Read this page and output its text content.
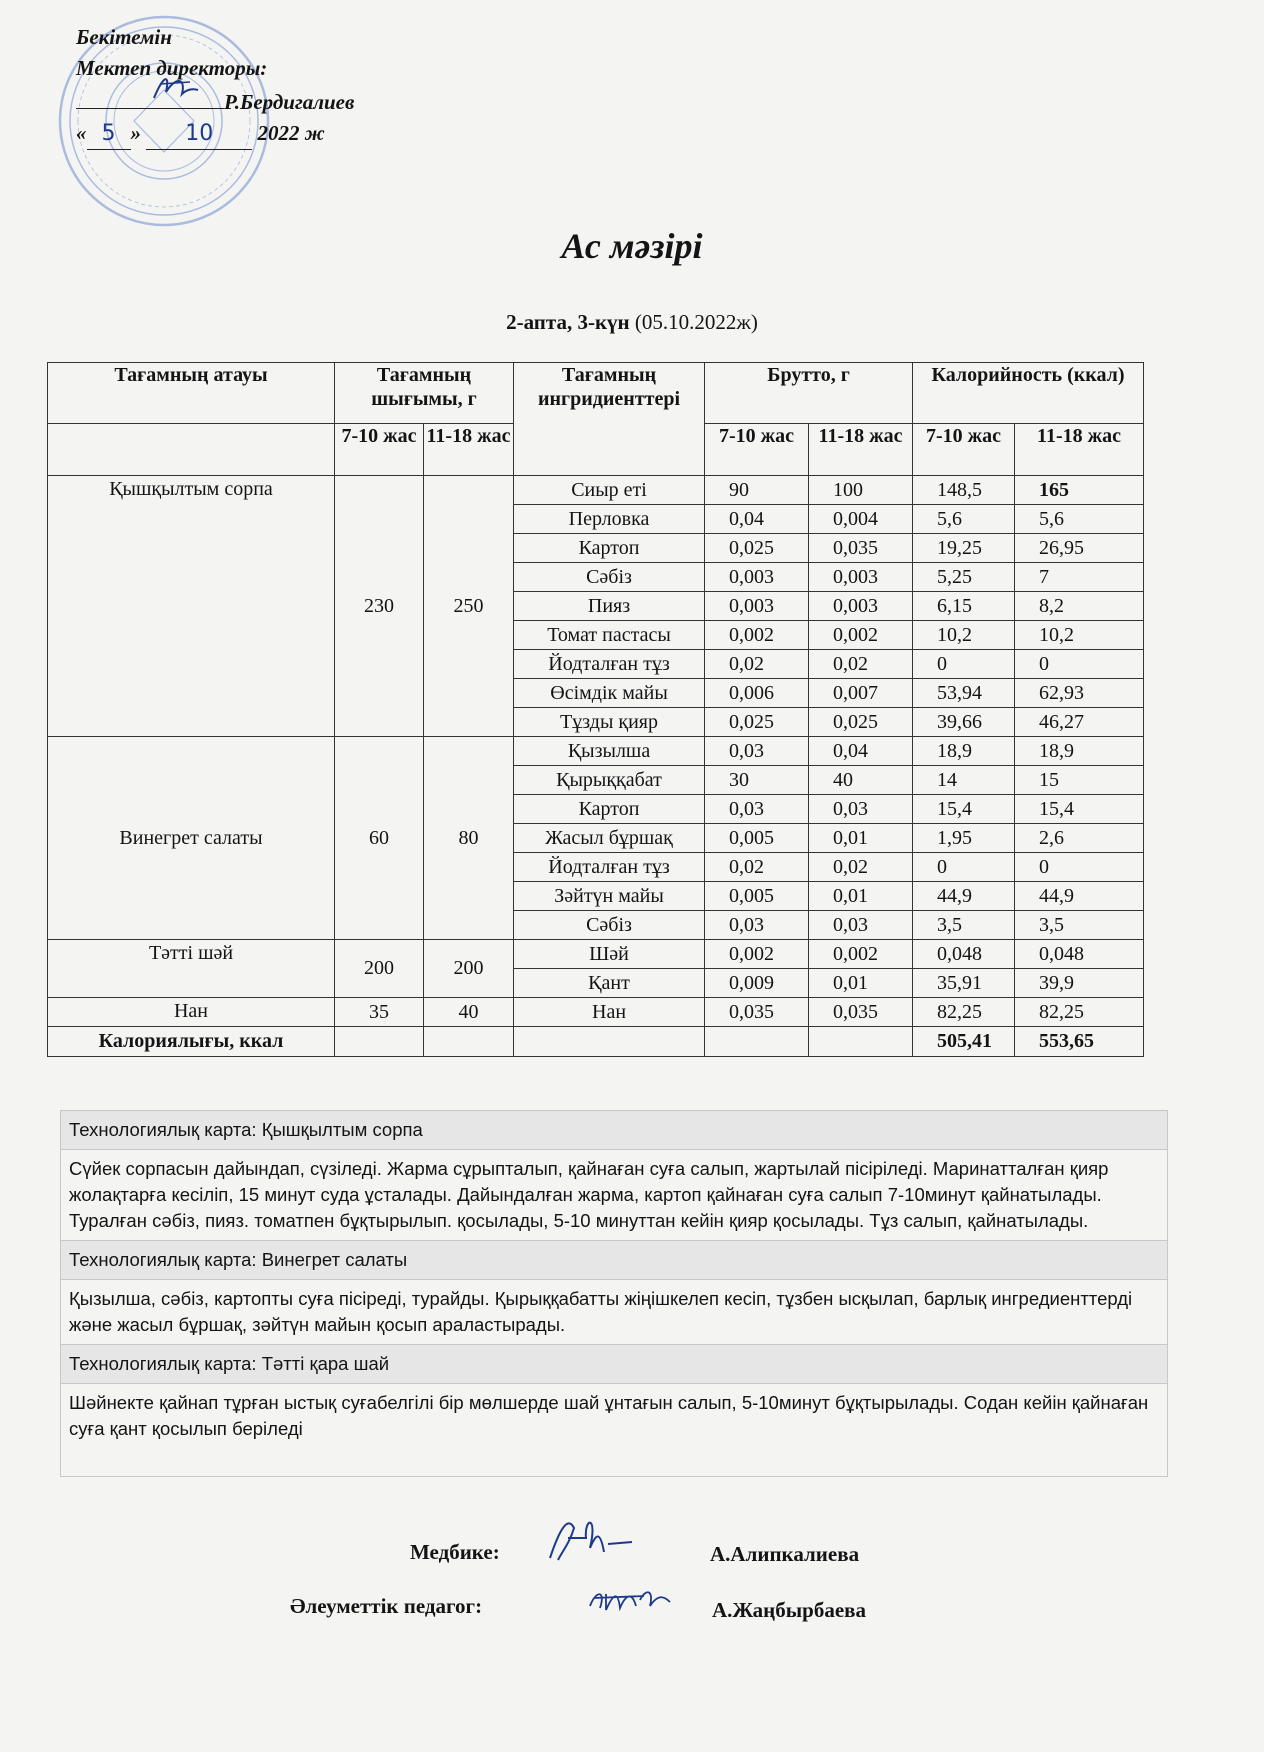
Бекітемін
Мектеп директоры:
Р.Бердигалиев
« 5 » 10 2022 ж
Ас мәзірі
2-апта, 3-күн (05.10.2022ж)
Тағамның атауы	Тағамның шығымы, г		Тағамның ингридиенттері	Брутто, г		Калорийность (ккал)	
	7-10 жас	11-18 жас		7-10 жас	11-18 жас	7-10 жас	11-18 жас
Қышқылтым сорпа	230	250	Сиыр еті	90	100	148,5	165
			Перловка	0,04	0,004	5,6	5,6
			Картоп	0,025	0,035	19,25	26,95
			Сәбіз	0,003	0,003	5,25	7
			Пияз	0,003	0,003	6,15	8,2
			Томат пастасы	0,002	0,002	10,2	10,2
			Йодталған тұз	0,02	0,02	0	0
			Өсімдік майы	0,006	0,007	53,94	62,93
			Тұзды қияр	0,025	0,025	39,66	46,27
Винегрет салаты	60	80	Қызылша	0,03	0,04	18,9	18,9
			Қырыққабат	30	40	14	15
			Картоп	0,03	0,03	15,4	15,4
			Жасыл бұршақ	0,005	0,01	1,95	2,6
			Йодталған тұз	0,02	0,02	0	0
			Зәйтүн майы	0,005	0,01	44,9	44,9
			Сәбіз	0,03	0,03	3,5	3,5
Тәтті шәй	200	200	Шәй	0,002	0,002	0,048	0,048
			Қант	0,009	0,01	35,91	39,9
Нан	35	40	Нан	0,035	0,035	82,25	82,25
Калориялығы, ккал						505,41	553,65
Технологиялық карта: Қышқылтым сорпа
Сүйек сорпасын дайындап, сүзіледі. Жарма сұрыпталып, қайнаған суға салып, жартылай пісіріледі. Маринатталған қияр жолақтарға кесіліп, 15 минут суда ұсталады. Дайындалған жарма, картоп қайнаған суға салып 7-10минут қайнатылады. Туралған сәбіз, пияз. томатпен бұқтырылып. қосылады, 5-10 минуттан кейін қияр қосылады. Тұз салып, қайнатылады.
Технологиялық карта: Винегрет салаты
Қызылша, сәбіз, картопты суға пісіреді, турайды. Қырыққабатты жіңішкелеп кесіп, тұзбен ысқылап, барлық ингредиенттерді және жасыл бұршақ, зәйтүн майын қосып араластырады.
Технологиялық карта: Тәтті қара шай
Шәйнекте қайнап тұрған ыстық суғабелгілі бір мөлшерде шай ұнтағын салып, 5-10минут бұқтырылады. Содан кейін қайнаған суға қант қосылып беріледі
Медбике:	А.Алипкалиева
Әлеуметтік педагог:	А.Жаңбырбаева
